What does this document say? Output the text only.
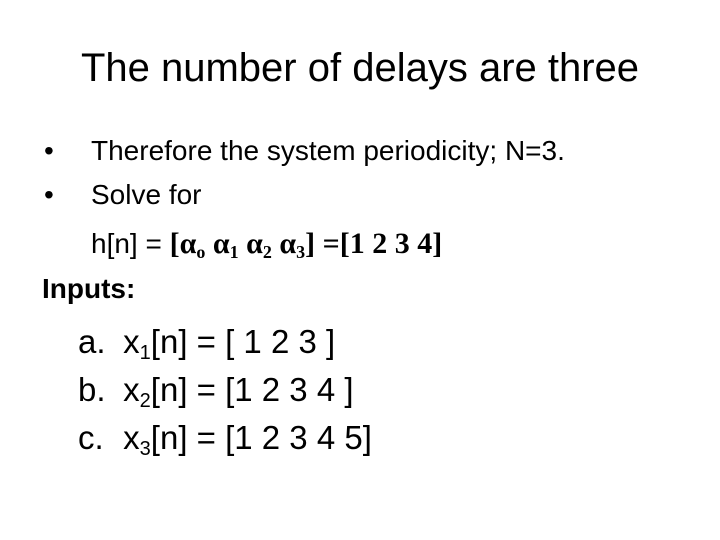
The number of delays are three
• Therefore the system periodicity; N=3.
• Solve for
$h[n] = [\alpha_o$ $\alpha_1$ $\alpha_2$ $\alpha_3] =[1$ 2 3 4]
Inputs:
a. $x_1[n]$ = [ 1 2 3 ]
b. $x_2[n] = [1$ 2 3 4 ]
c. $x_3[n] = [1$ 2 3 4 5]
